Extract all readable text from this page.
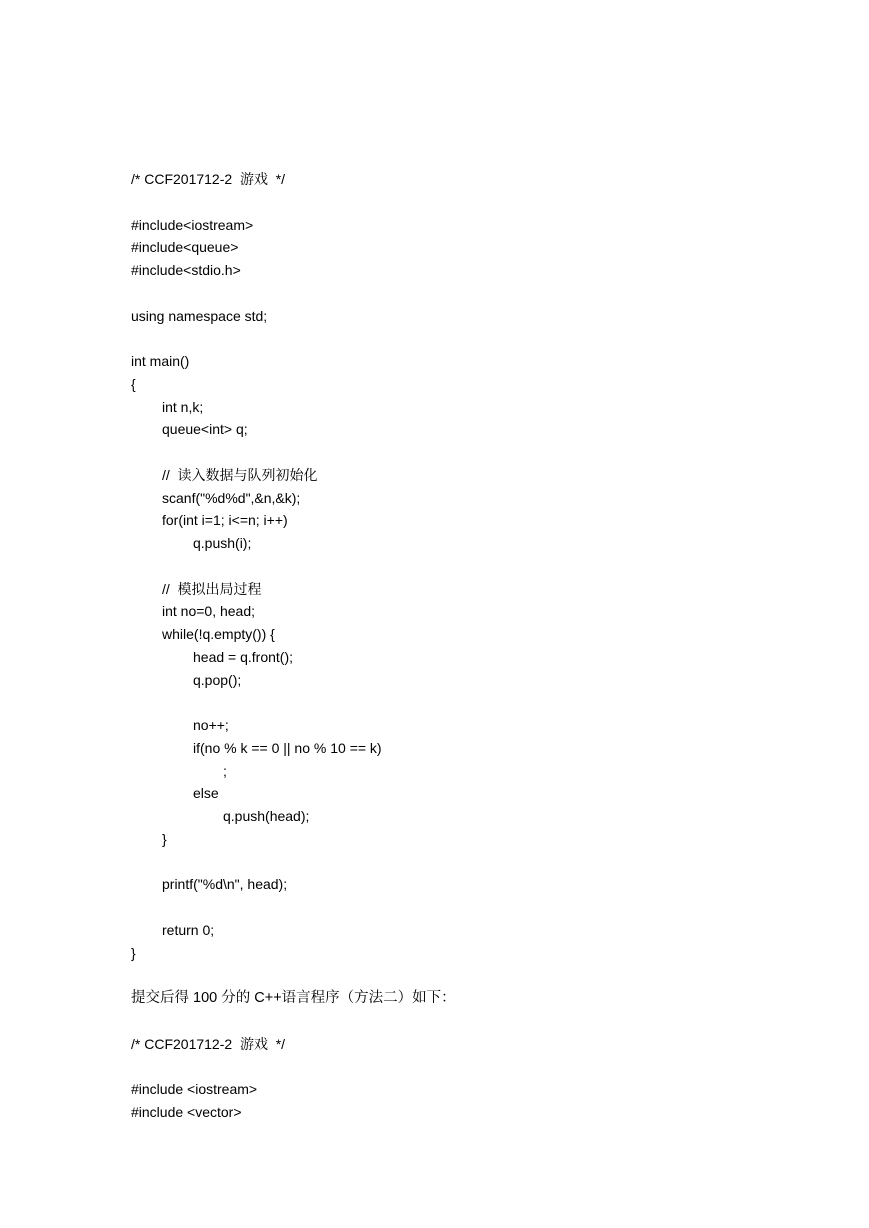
/* CCF201712-2  游戏  */
#include<iostream>
#include<queue>
#include<stdio.h>
using namespace std;
int main()
{
int n,k;
queue<int> q;
//  读入数据与队列初始化
scanf("%d%d",&n,&k);
for(int i=1; i<=n; i++)
q.push(i);
//  模拟出局过程
int no=0, head;
while(!q.empty()) {
head = q.front();
q.pop();
no++;
if(no % k == 0 || no % 10 == k)
;
else
q.push(head);
}
printf("%d\n", head);
return 0;
}
提交后得 100 分的 C++语言程序（方法二）如下：
/* CCF201712-2  游戏  */
#include <iostream>
#include <vector>
